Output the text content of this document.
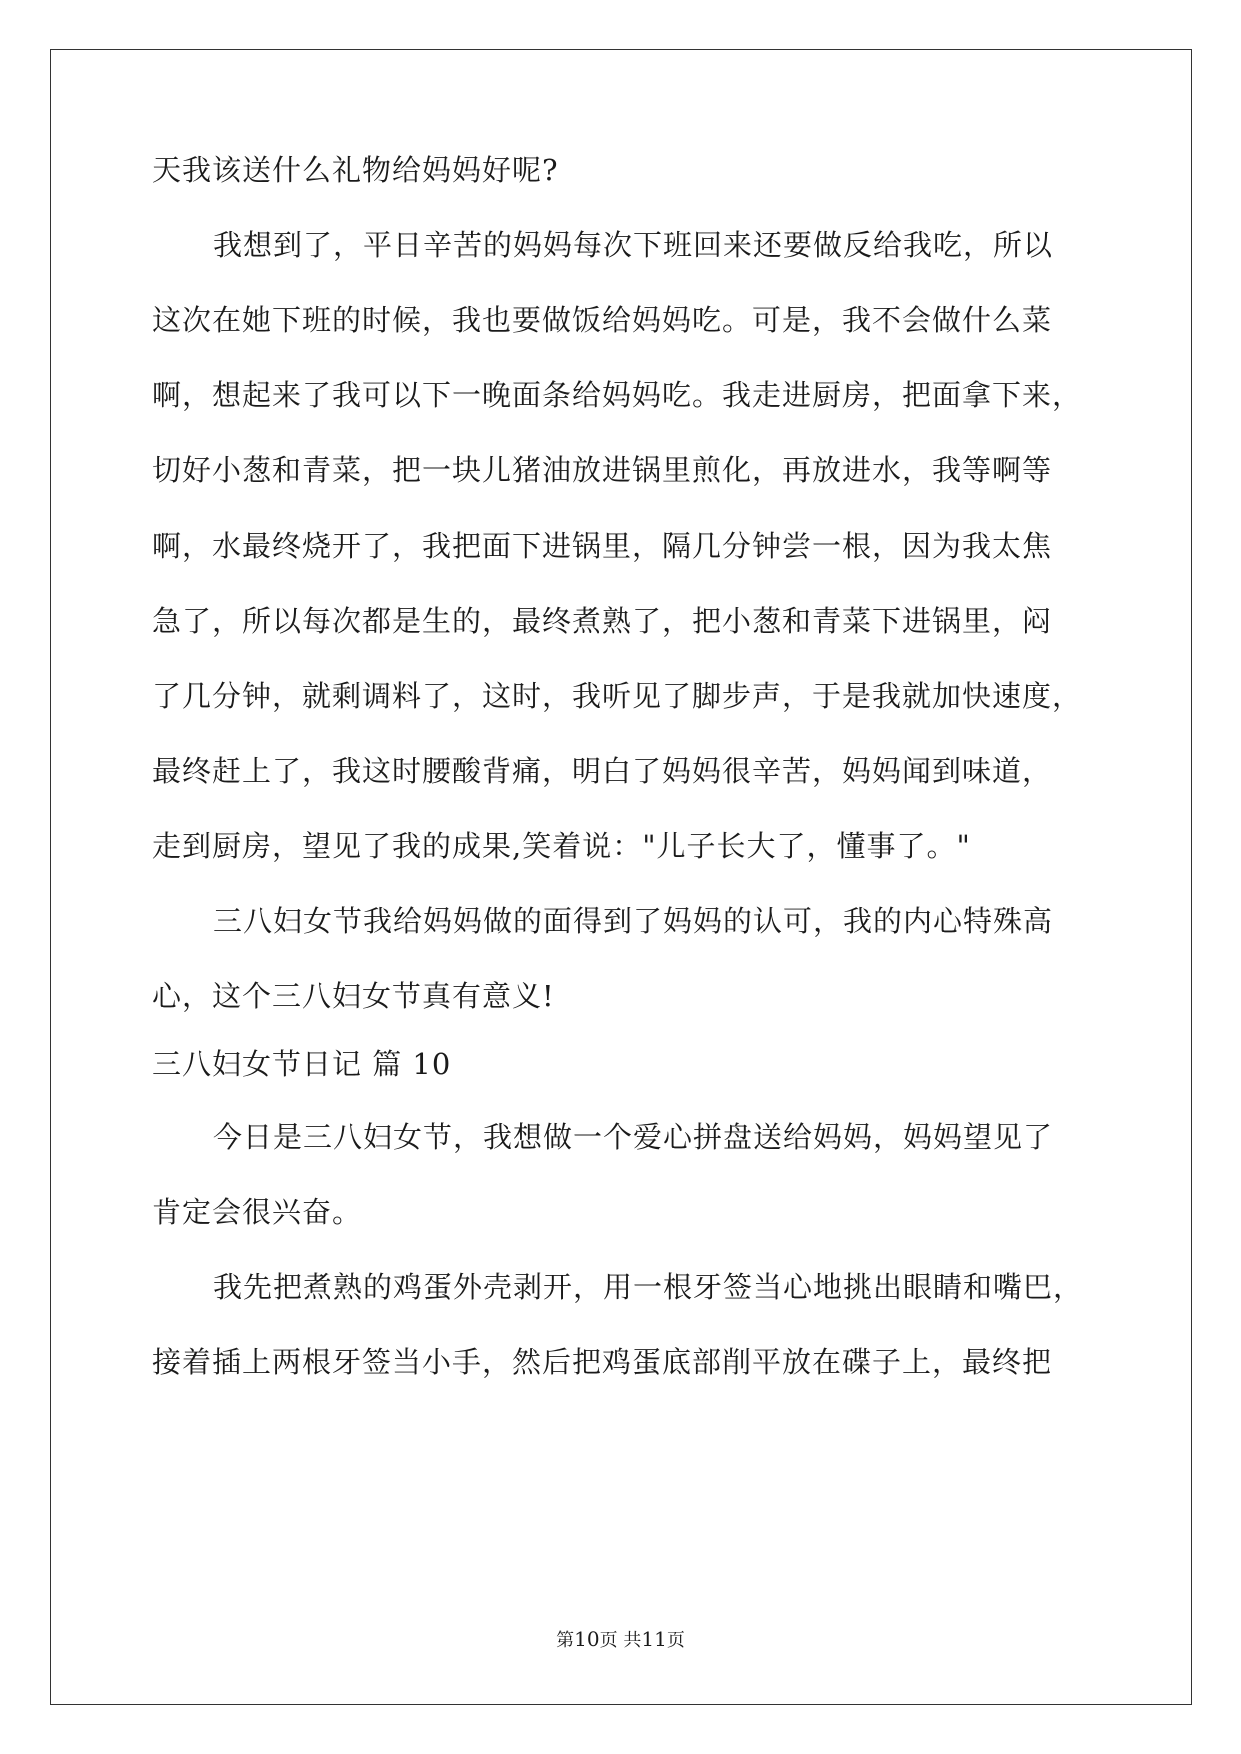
天我该送什么礼物给妈妈好呢?
我想到了，平日辛苦的妈妈每次下班回来还要做反给我吃，所以
这次在她下班的时候，我也要做饭给妈妈吃。可是，我不会做什么菜
啊，想起来了我可以下一晚面条给妈妈吃。我走进厨房，把面拿下来，
切好小葱和青菜，把一块儿猪油放进锅里煎化，再放进水，我等啊等
啊，水最终烧开了，我把面下进锅里，隔几分钟尝一根，因为我太焦
急了，所以每次都是生的，最终煮熟了，把小葱和青菜下进锅里，闷
了几分钟，就剩调料了，这时，我听见了脚步声，于是我就加快速度，
最终赶上了，我这时腰酸背痛，明白了妈妈很辛苦，妈妈闻到味道，
走到厨房，望见了我的成果,笑着说："儿子长大了，懂事了。"
三八妇女节我给妈妈做的面得到了妈妈的认可，我的内心特殊高
心，这个三八妇女节真有意义!
三八妇女节日记 篇 10
今日是三八妇女节，我想做一个爱心拼盘送给妈妈，妈妈望见了
肯定会很兴奋。
我先把煮熟的鸡蛋外壳剥开，用一根牙签当心地挑出眼睛和嘴巴，
接着插上两根牙签当小手，然后把鸡蛋底部削平放在碟子上，最终把
第10页 共11页
